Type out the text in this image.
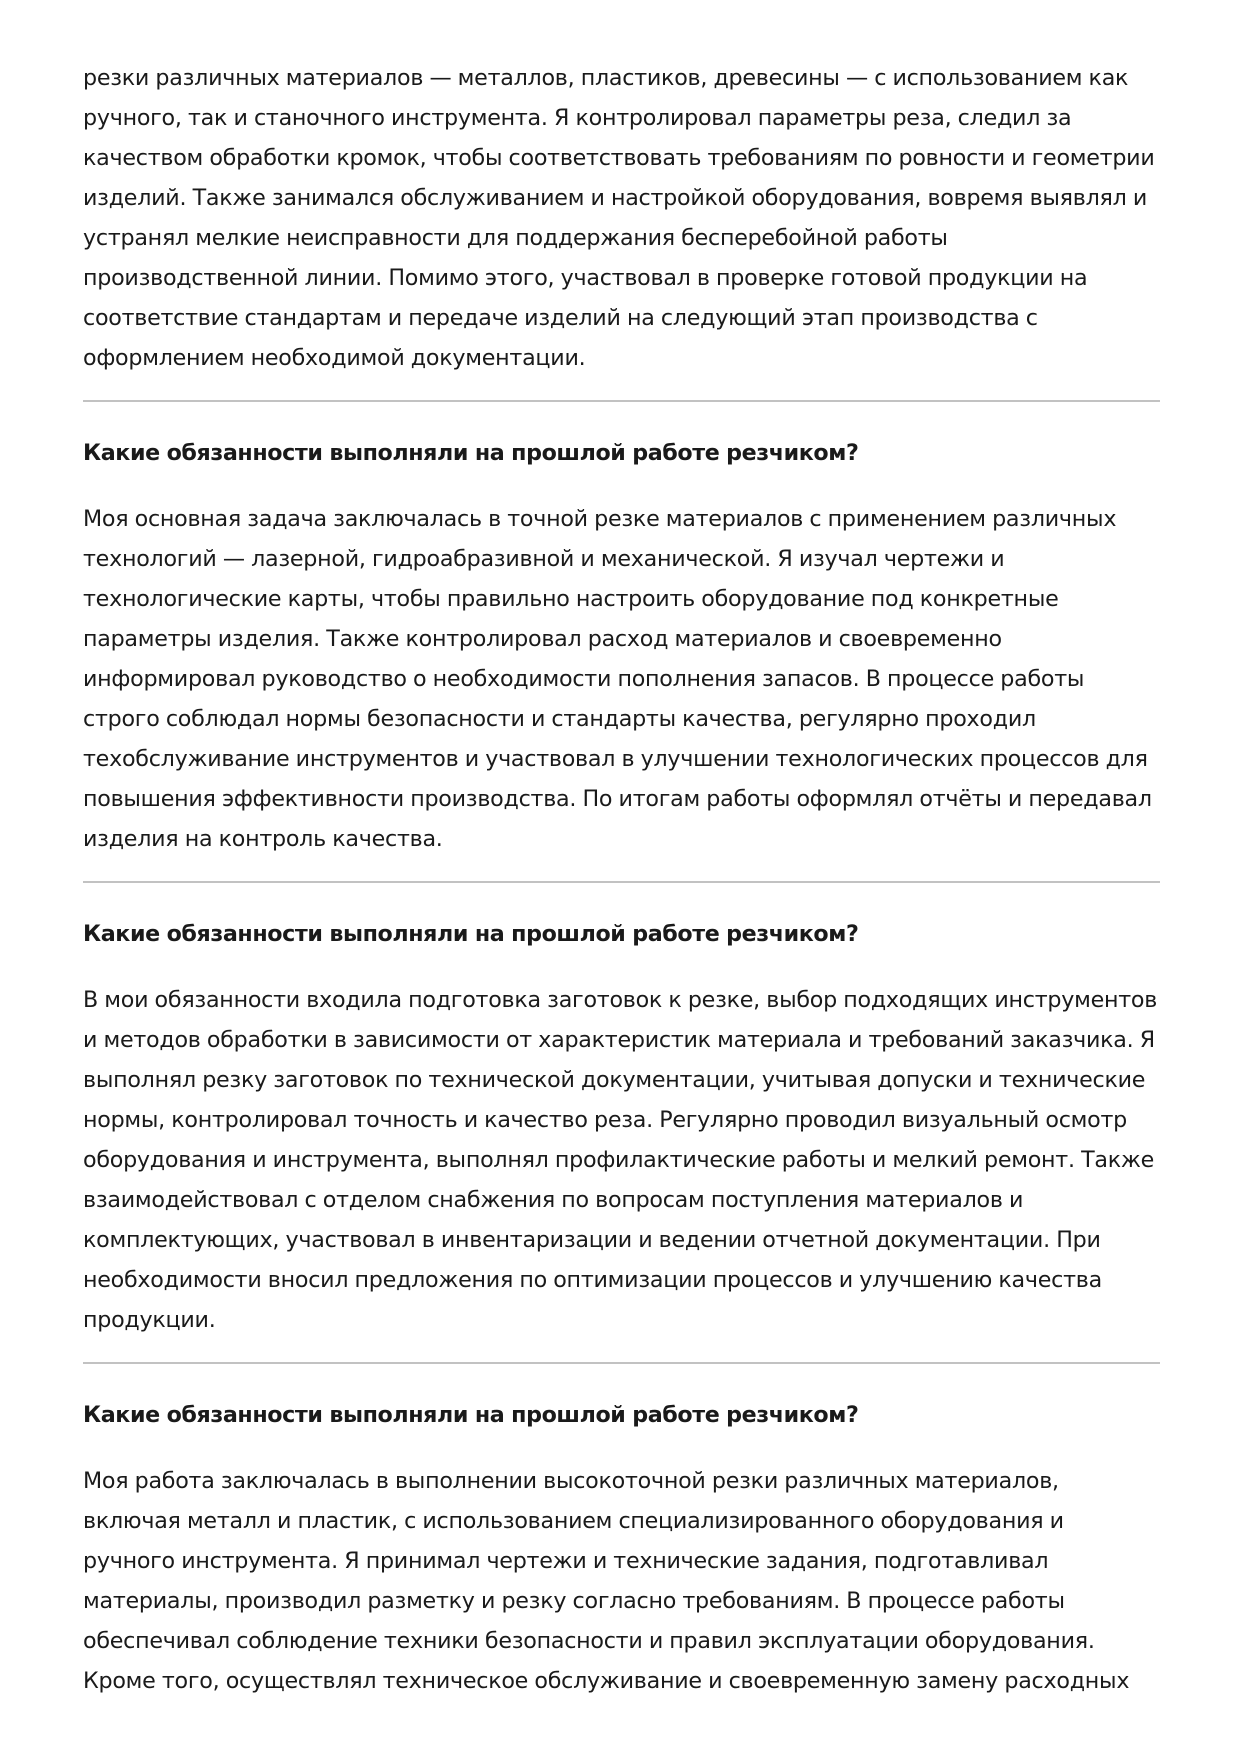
резки различных материалов — металлов, пластиков, древесины — с использованием как ручного, так и станочного инструмента. Я контролировал параметры реза, следил за качеством обработки кромок, чтобы соответствовать требованиям по ровности и геометрии изделий. Также занимался обслуживанием и настройкой оборудования, вовремя выявлял и устранял мелкие неисправности для поддержания бесперебойной работы производственной линии. Помимо этого, участвовал в проверке готовой продукции на соответствие стандартам и передаче изделий на следующий этап производства с оформлением необходимой документации.

Какие обязанности выполняли на прошлой работе резчиком?

Моя основная задача заключалась в точной резке материалов с применением различных технологий — лазерной, гидроабразивной и механической. Я изучал чертежи и технологические карты, чтобы правильно настроить оборудование под конкретные параметры изделия. Также контролировал расход материалов и своевременно информировал руководство о необходимости пополнения запасов. В процессе работы строго соблюдал нормы безопасности и стандарты качества, регулярно проходил техобслуживание инструментов и участвовал в улучшении технологических процессов для повышения эффективности производства. По итогам работы оформлял отчёты и передавал изделия на контроль качества.

Какие обязанности выполняли на прошлой работе резчиком?

В мои обязанности входила подготовка заготовок к резке, выбор подходящих инструментов и методов обработки в зависимости от характеристик материала и требований заказчика. Я выполнял резку заготовок по технической документации, учитывая допуски и технические нормы, контролировал точность и качество реза. Регулярно проводил визуальный осмотр оборудования и инструмента, выполнял профилактические работы и мелкий ремонт. Также взаимодействовал с отделом снабжения по вопросам поступления материалов и комплектующих, участвовал в инвентаризации и ведении отчетной документации. При необходимости вносил предложения по оптимизации процессов и улучшению качества продукции.

Какие обязанности выполняли на прошлой работе резчиком?

Моя работа заключалась в выполнении высокоточной резки различных материалов, включая металл и пластик, с использованием специализированного оборудования и ручного инструмента. Я принимал чертежи и технические задания, подготавливал материалы, производил разметку и резку согласно требованиям. В процессе работы обеспечивал соблюдение техники безопасности и правил эксплуатации оборудования. Кроме того, осуществлял техническое обслуживание и своевременную замену расходных
